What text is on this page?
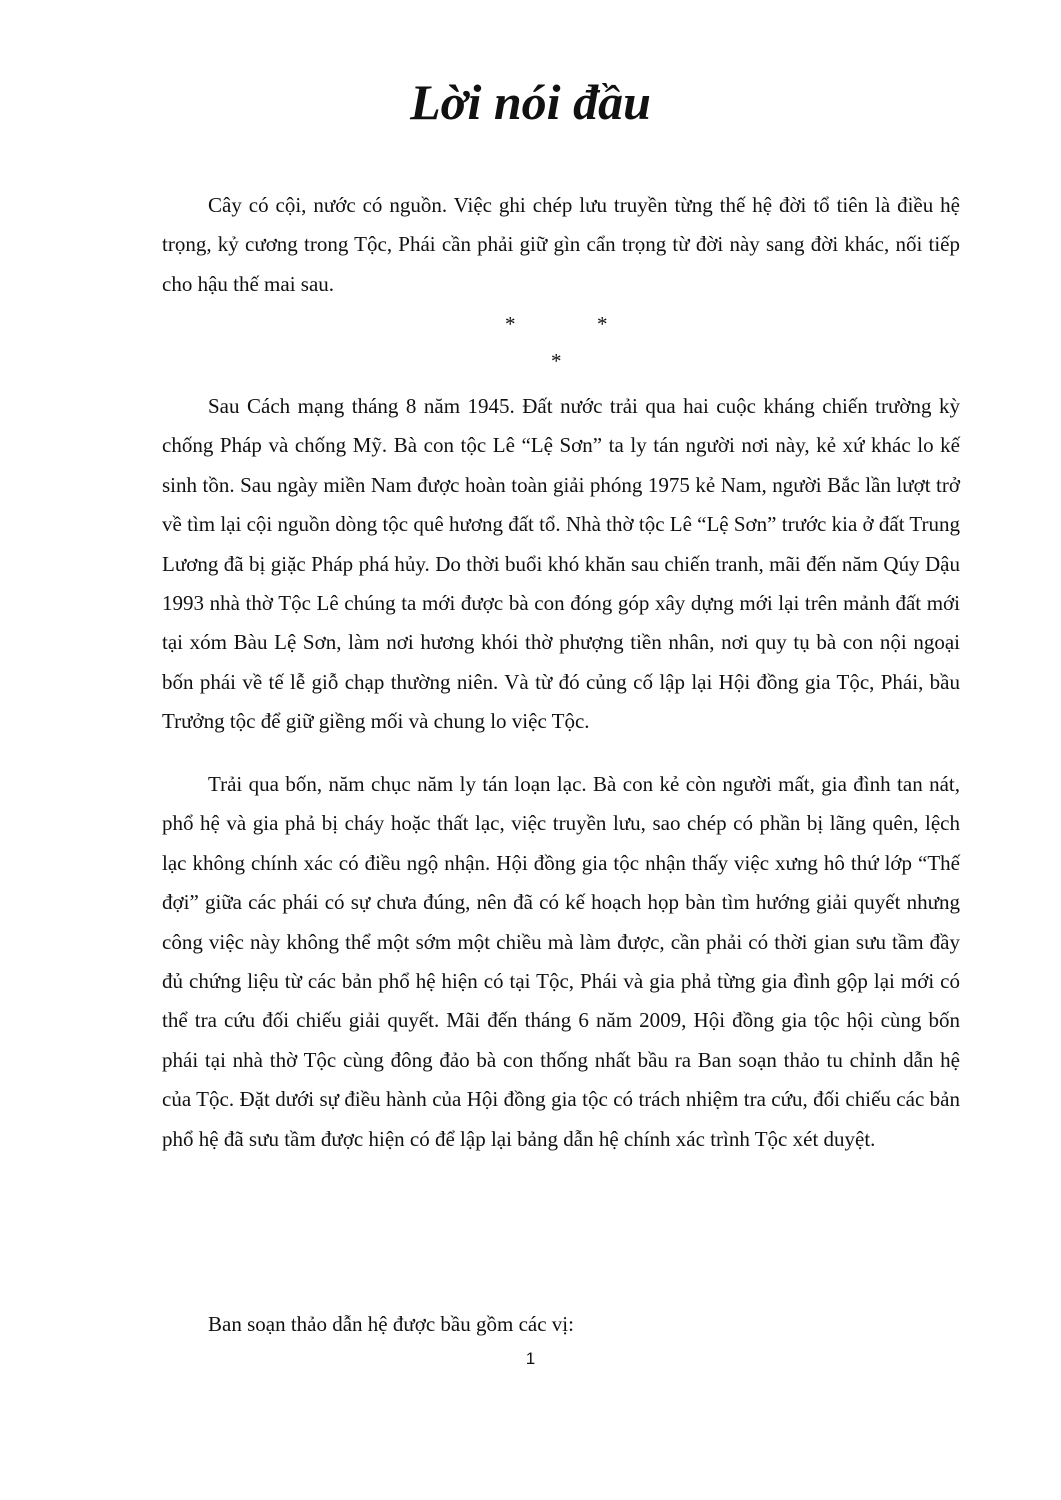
Lời nói đầu

Cây có cội, nước có nguồn. Việc ghi chép lưu truyền từng thế hệ đời tổ tiên là điều hệ trọng, kỷ cương trong Tộc, Phái cần phải giữ gìn cẩn trọng từ đời này sang đời khác, nối tiếp cho hậu thế mai sau.

*	*
*

Sau Cách mạng tháng 8 năm 1945. Đất nước trải qua hai cuộc kháng chiến trường kỳ chống Pháp và chống Mỹ. Bà con tộc Lê “Lệ Sơn” ta ly tán người nơi này, kẻ xứ khác lo kế sinh tồn. Sau ngày miền Nam được hoàn toàn giải phóng 1975 kẻ Nam, người Bắc lần lượt trở về tìm lại cội nguồn dòng tộc quê hương đất tổ. Nhà thờ tộc Lê “Lệ Sơn” trước kia ở đất Trung Lương đã bị giặc Pháp phá hủy. Do thời buổi khó khăn sau chiến tranh, mãi đến năm Qúy Dậu 1993 nhà thờ Tộc Lê chúng ta mới được bà con đóng góp xây dựng mới lại trên mảnh đất mới tại xóm Bàu Lệ Sơn, làm nơi hương khói thờ phượng tiền nhân, nơi quy tụ bà con nội ngoại bốn phái về tế lễ giỗ chạp thường niên. Và từ đó củng cố lập lại Hội đồng gia Tộc, Phái, bầu Trưởng tộc để giữ giềng mối và chung lo việc Tộc.

Trải qua bốn, năm chục năm ly tán loạn lạc. Bà con kẻ còn người mất, gia đình tan nát, phổ hệ và gia phả bị cháy hoặc thất lạc, việc truyền lưu, sao chép có phần bị lãng quên, lệch lạc không chính xác có điều ngộ nhận. Hội đồng gia tộc nhận thấy việc xưng hô thứ lớp “Thế đợi” giữa các phái có sự chưa đúng, nên đã có kế hoạch họp bàn tìm hướng giải quyết nhưng công việc này không thể một sớm một chiều mà làm được, cần phải có thời gian sưu tầm đầy đủ chứng liệu từ các bản phổ hệ hiện có tại Tộc, Phái và gia phả từng gia đình gộp lại mới có thể tra cứu đối chiếu giải quyết. Mãi đến tháng 6 năm 2009, Hội đồng gia tộc hội cùng bốn phái tại nhà thờ Tộc cùng đông đảo bà con thống nhất bầu ra Ban soạn thảo tu chỉnh dẫn hệ của Tộc. Đặt dưới sự điều hành của Hội đồng gia tộc có trách nhiệm tra cứu, đối chiếu các bản phổ hệ đã sưu tầm được hiện có để lập lại bảng dẫn hệ chính xác trình Tộc xét duyệt.

Ban soạn thảo dẫn hệ được bầu gồm các vị:

1
